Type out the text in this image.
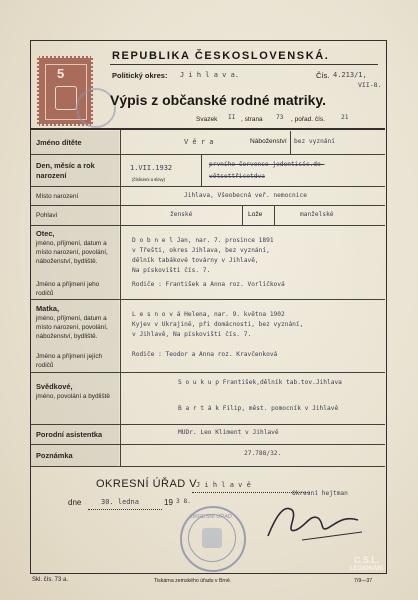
5
REPUBLIKA ČESKOSLOVENSKÁ.
Politický okres: J i h l a v a.	Čís. 4.213/1,
VII-8.
Výpis z občanské rodné matriky.
Svazek II , strana 73 , pořad. čís.	21
Jméno dítěte	V ě r a	Náboženství bez vyznání
Den, měsíc a rok narození
1.VII.1932
(číslicemi a slovy)
prvního července jedentisíc.de-
větsettřicetdva
Místo narození	Jihlava, Všeobecná veř. nemocnice
Pohlaví	ženské	Lože	manželské
Otec,
jméno, příjmení, datum a místo narození, povolání, náboženství, bydliště.
Jméno a příjmení jeho rodičů
D o b n e l Jan, nar. 7. prosince 1891
v Třešti, okres Jihlava, bez vyznání,
dělník tabákové továrny v Jihlavě,
Na pískovišti čís. 7.
Rodiče : František a Anna roz. Vorlíčková
Matka,
jméno, příjmení, datum a místo narození, povolání, náboženství, bydliště.
Jméno a příjmení jejích rodičů
L e s n o v á Helena, nar. 9. května 1902
Kyjev v Ukrajině, při domácnosti, bez vyznání,
v Jihlavě, Na pískovišti čís. 7.
Rodiče : Teodor a Anna roz. Kravčenková
Svědkové,
jméno, povolání a bydliště
S o u k u p František,dělník tab.tov.Jihlava
B a r t á k Filip, měst. pomocník v Jihlavě
Porodní asistentka	MUDr. Leo Kliment v Jihlavě
Poznámka	27.788/32.
OKRESNÍ ÚŘAD V
J i h l a v ě
dne	30. ledna	19 3 8.
Okresní hejtman
OKRESNÍ ÚŘAD
Skl. čís. 73 a.	Tiskárna zemského úřadu v Brně.	7/9—37
C.S.L.
LEGIONÁRI
